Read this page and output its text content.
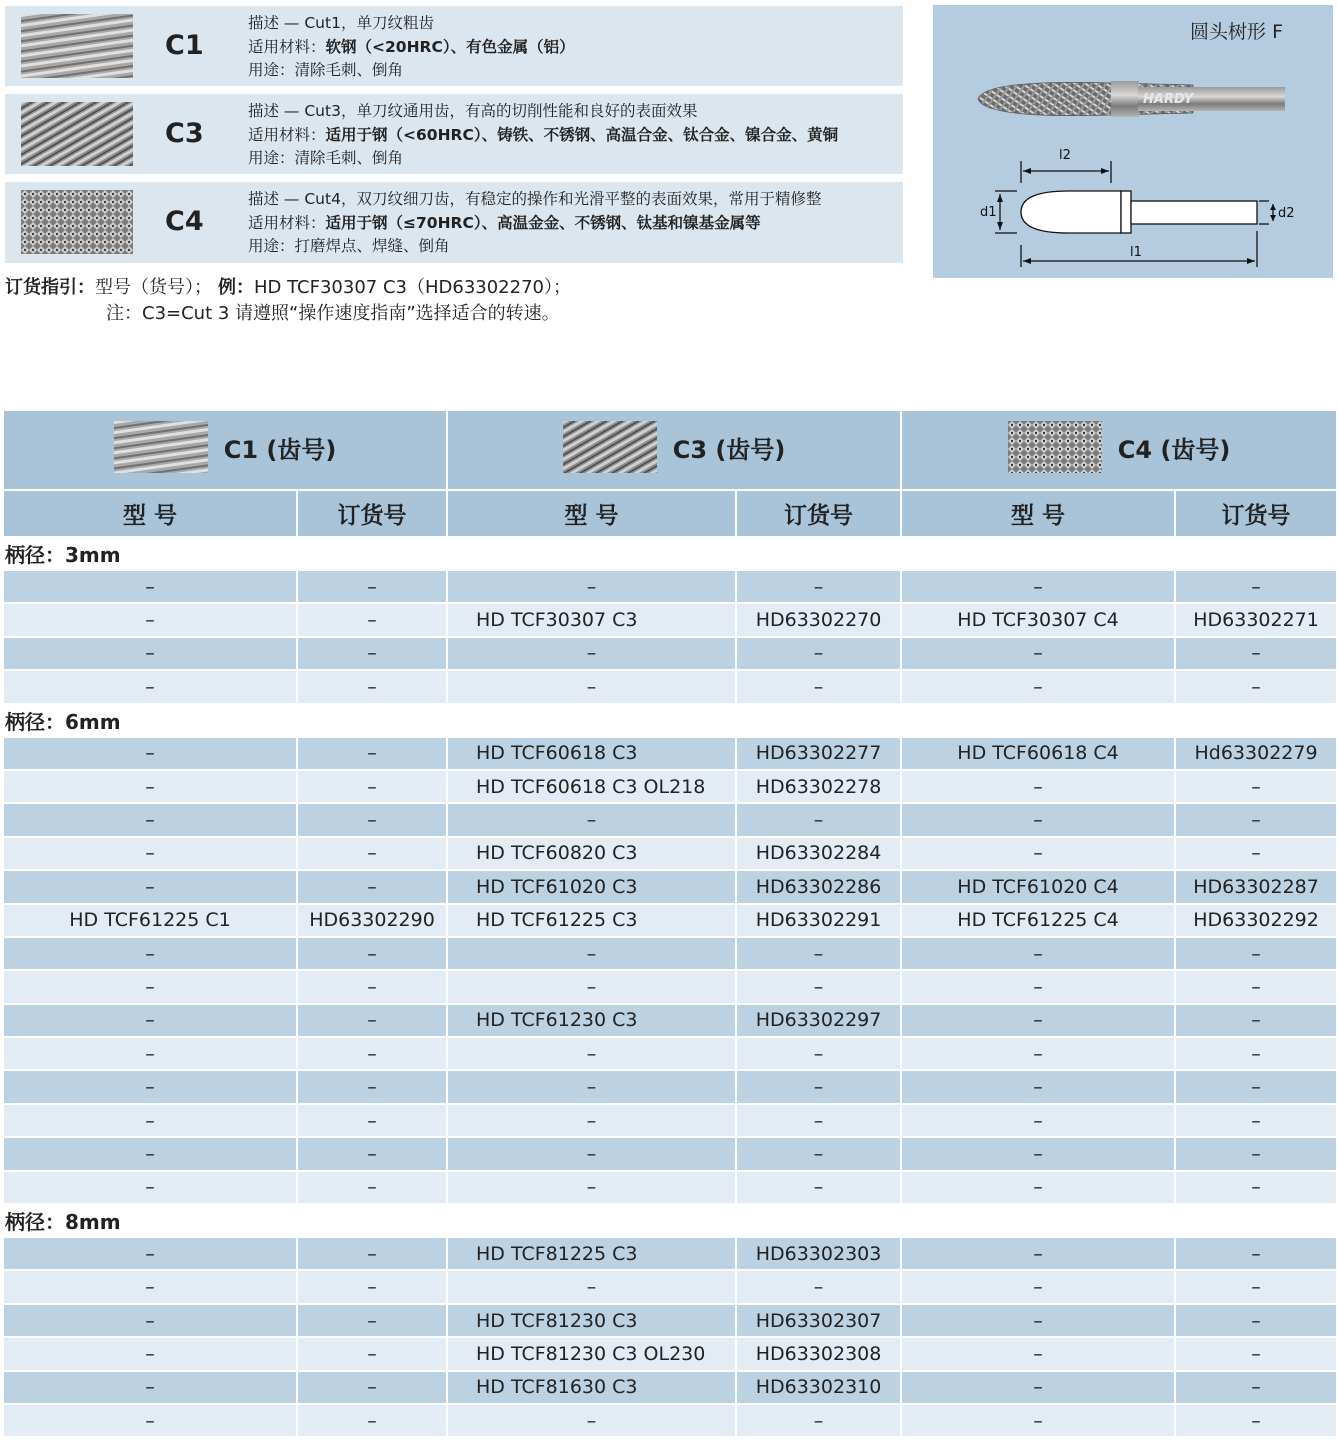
C1
描述 — Cut1，单刀纹粗齿
适用材料：软钢（<20HRC）、有色金属（铝）
用途：清除毛刺、倒角
C3
描述 — Cut3，单刀纹通用齿，有高的切削性能和良好的表面效果
适用材料：适用于钢（<60HRC）、铸铁、不锈钢、高温合金、钛合金、镍合金、黄铜
用途：清除毛刺、倒角
C4
描述 — Cut4，双刀纹细刀齿，有稳定的操作和光滑平整的表面效果，常用于精修整
适用材料：适用于钢（≤70HRC）、高温金金、不锈钢、钛基和镍基金属等
用途：打磨焊点、焊缝、倒角
圆头树形 F
HARDY
l2
d1	d2
l1
订货指引：型号（货号）； 例：HD TCF30307 C3（HD63302270）；
注：C3=Cut 3 请遵照“操作速度指南”选择适合的转速。
C1 (齿号)		C3 (齿号)		C4 (齿号)	

型 号	订货号	型 号	订货号	型 号	订货号
柄径：3mm					
–	–	–	–	–	–
–	–	HD TCF30307 C3	HD63302270	HD TCF30307 C4	HD63302271
–	–	–	–	–	–
–	–	–	–	–	–
柄径：6mm					
–	–	HD TCF60618 C3	HD63302277	HD TCF60618 C4	Hd63302279
–	–	HD TCF60618 C3 OL218	HD63302278	–	–
–	–	–	–	–	–
–	–	HD TCF60820 C3	HD63302284	–	–
–	–	HD TCF61020 C3	HD63302286	HD TCF61020 C4	HD63302287
HD TCF61225 C1	HD63302290	HD TCF61225 C3	HD63302291	HD TCF61225 C4	HD63302292
–	–	–	–	–	–
–	–	–	–	–	–
–	–	HD TCF61230 C3	HD63302297	–	–
–	–	–	–	–	–
–	–	–	–	–	–
–	–	–	–	–	–
–	–	–	–	–	–
–	–	–	–	–	–
柄径：8mm					
–	–	HD TCF81225 C3	HD63302303	–	–
–	–	–	–	–	–
–	–	HD TCF81230 C3	HD63302307	–	–
–	–	HD TCF81230 C3 OL230	HD63302308	–	–
–	–	HD TCF81630 C3	HD63302310	–	–
–	–	–	–	–	–
